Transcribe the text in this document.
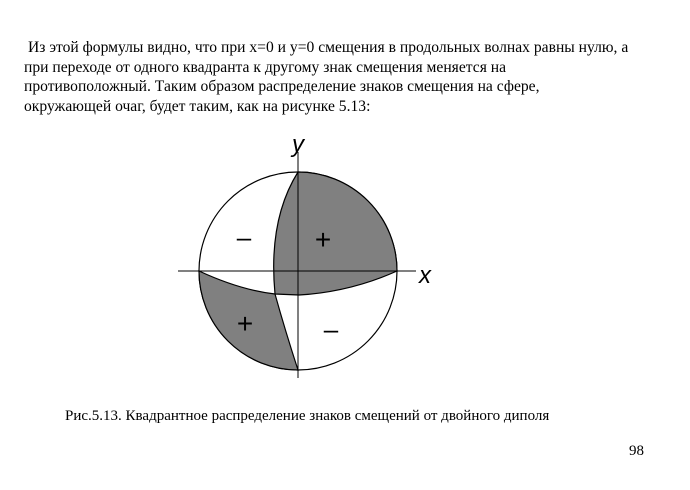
Из этой формулы видно, что при x=0 и y=0 смещения в продольных волнах равны нулю, а
при переходе от одного квадранта к другому знак смещения меняется на
противоположный. Таким образом распределение знаков смещения на сфере,
окружающей очаг, будет таким, как на рисунке 5.13:
y
x
– +
+	–
Рис.5.13. Квадрантное распределение знаков смещений от двойного диполя
98
